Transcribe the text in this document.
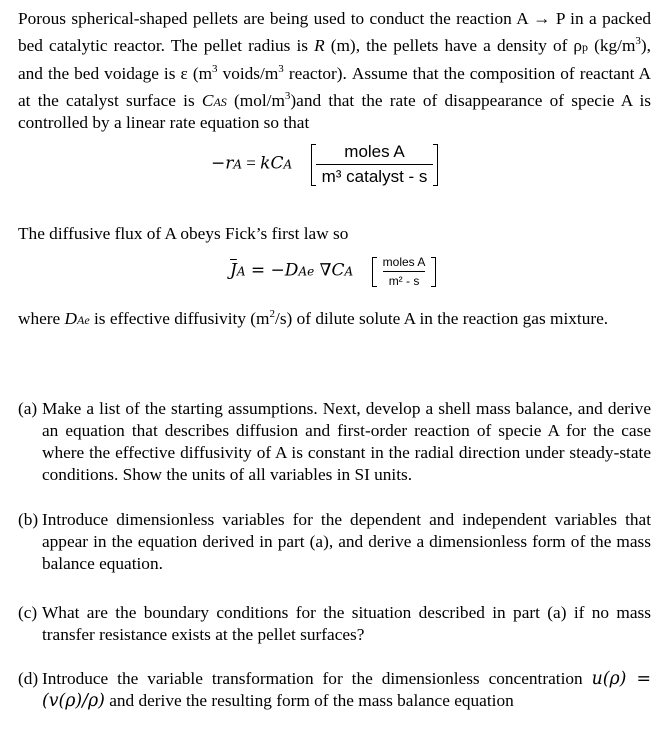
Porous spherical-shaped pellets are being used to conduct the reaction A → P in a packed bed catalytic reactor. The pellet radius is R (m), the pellets have a density of ρp $(kg/m^3)$, and the bed voidage is ε ($m^3$ voids/$m^3$ reactor). Assume that the composition of reactant A at the catalyst surface is CAS $(mol/m^3)and$ that the rate of disappearance of specie A is controlled by a linear rate equation so that
−rA = kCA $\frac{\text{moles A}}{\text{m³ catalyst - s}}$
The diffusive flux of A obeys Fick’s first law so
$\overline{J}A = -DAe$ $\nabla CA \frac{\text{moles A}}{\text{m² - s}}$
where DAe is effective diffusivity $(m^2/s)$ of dilute solute A in the reaction gas mixture.
(a) Make a list of the starting assumptions. Next, develop a shell mass balance, and derive an equation that describes diffusion and first-order reaction of specie A for the case where the effective diffusivity of A is constant in the radial direction under steady-state conditions. Show the units of all variables in SI units.
(b) Introduce dimensionless variables for the dependent and independent variables that appear in the equation derived in part (a), and derive a dimensionless form of the mass balance equation.
(c) What are the boundary conditions for the situation described in part (a) if no mass transfer resistance exists at the pellet surfaces?
(d) Introduce the variable transformation for the dimensionless concentration u(ρ) = (v(ρ)/ρ) and derive the resulting form of the mass balance equation
